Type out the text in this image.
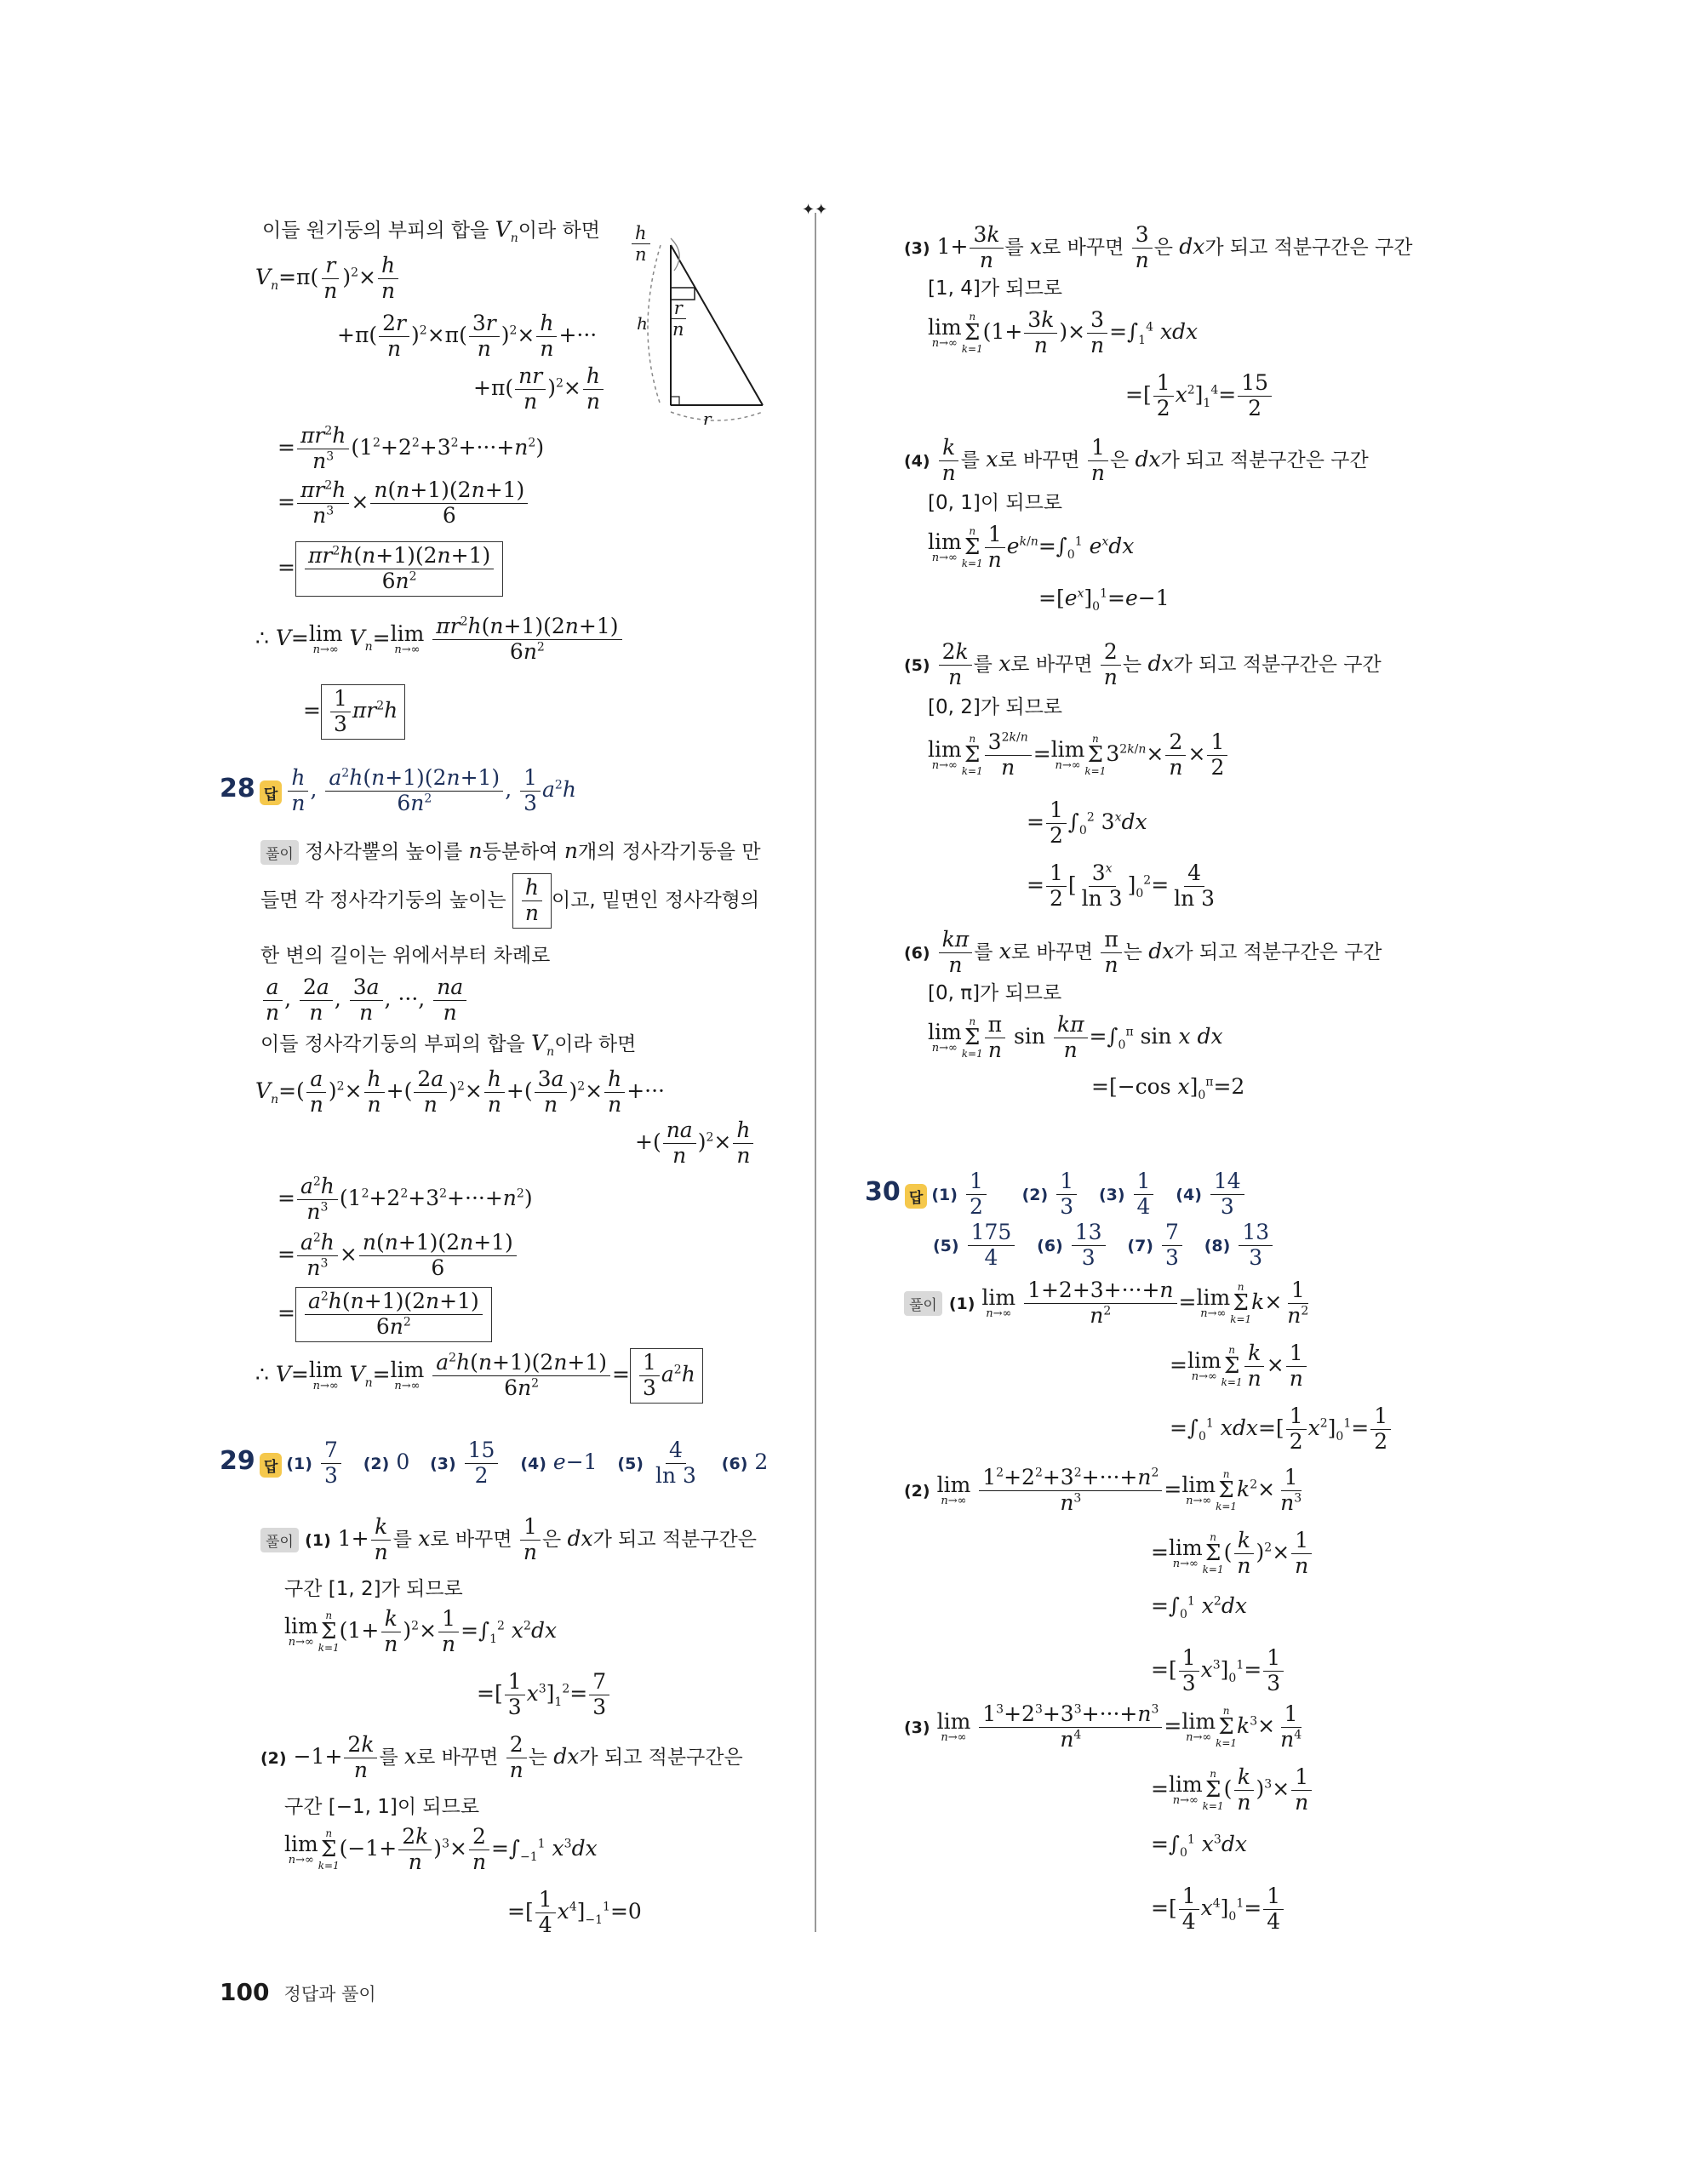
이들 원기둥의 부피의 합을 $V_n$이라 하면
$V_n=\pi( \frac{r}{n} )^2\times \frac{h}{n}$
$+\pi( \frac{2r}{n} )^2\times\pi( \frac{3r}{n} )^2\times \frac{h}{n}$ +···
$+\pi( \frac{nr}{n} )^2\times \frac{h}{n}$
= $\frac{\pi r^2h}{n^3} (1^2+2^2+3^2+\cdot\cdot\cdot+n^2)$
= $\frac{\pi r^2h}{n^3} \times \frac{n(n+1)(2n+1)}{6}$
= $\frac{\pi r^2h(n+1)(2n+1)}{6n^2}$
∴ V= lim
n→∞ $V_n= \lim$
n→∞
$\frac{\pi r^2h(n+1)(2n+1)}{6n^2}$
= $\frac{1}{3} \pi r^2h$
$\frac{h}{n}$
h $\frac{r}{n}$
r
28 답 $\frac{h}{n}$ , $\frac{a^2h(n+1)(2n+1)}{6n^2}$ , $\frac{1}{3} a^2h$
풀이 정사각뿔의 높이를 n등분하여 n개의 정사각기둥을 만
들면 각 정사각기둥의 높이는 $\frac{h}{n}$ 이고, 밑면인 정사각형의
한 변의 길이는 위에서부터 차례로
$\frac{a}{n}$ , $\frac{2a}{n}$ , $\frac{3a}{n}$ , ···, $\frac{na}{n}$
이들 정사각기둥의 부피의 합을 $V_n$이라 하면
$V_n=( \frac{a}{n} )^2\times \frac{h}{n}$ +( $\frac{2a}{n} )^2\times \frac{h}{n}$ +( $\frac{3a}{n} )^2\times \frac{h}{n}$ +···
+( $\frac{na}{n} )^2\times \frac{h}{n}$
= $\frac{a^2h}{n^3} (1^2+2^2+3^2+\cdot\cdot\cdot+n^2)$
= $\frac{a^2h}{n^3} \times \frac{n(n+1)(2n+1)}{6}$
= $\frac{a^2h(n+1)(2n+1)}{6n^2}$
∴ V= lim
n→∞ $V_n= \lim$
n→∞
$\frac{a^2h(n+1)(2n+1)}{6n^2} = \frac{1}{3} a^2h$
29 답 $(1) \frac{7}{3} (2)$ 0   $(3) \frac{15}{2} (4)$ e−1   $(5) \frac{4}{\ln 3} (6)$ 2
풀이 (1) $1+ \frac{k}{n}$ 를 x로 바꾸면 $\frac{1}{n}$ 은 dx가 되고 적분구간은
구간 [1, 2]가 되므로
lim
n→∞
n
Σ
k=1
$(1+ \frac{k}{n} )^2\times \frac{1}{n} =\int_1^2$ $x^2dx$
=[ $\frac{1}{3} x^3]_1^2= \frac{7}{3}$
$(2) -1+ \frac{2k}{n}$ 를 x로 바꾸면 $\frac{2}{n}$ 는 dx가 되고 적분구간은
구간 [−1, 1]이 되므로
lim
n→∞
n
Σ
k=1
$(-1+ \frac{2k}{n} )^3\times \frac{2}{n} =\int_{-1}^1$ $x^3dx$
=[ $\frac{1}{4} x^4]_{-1}^1=0$
✦✦
(3) $1+ \frac{3k}{n}$ 를 x로 바꾸면 $\frac{3}{n}$ 은 dx가 되고 적분구간은 구간
[1, 4]가 되므로
lim
n→∞
n
Σ
k=1
($1+ \frac{3k}{n}$ )× $\frac{3}{n} =\int_1^4$ xdx
=[ $\frac{1}{2} x^2]_1^4= \frac{15}{2}$
$(4) \frac{k}{n}$ 를 x로 바꾸면 $\frac{1}{n}$ 은 dx가 되고 적분구간은 구간
[0, 1]이 되므로
lim
n→∞
n
Σ
$k=1 \frac{1}{n} e^{k/n}=\int_0^1$ $e^xdx$
$=[e^x]_0^1=e-1$
$(5) \frac{2k}{n}$ 를 x로 바꾸면 $\frac{2}{n}$ 는 dx가 되고 적분구간은 구간
[0, 2]가 되므로
lim
n→∞
n
Σ
$k=1 \frac{3^{2k/n}}{n} = \lim$
n→∞
n
Σ
k=1
$3^{2k/n}\times \frac{2}{n} \times \frac{1}{2}$
= $\frac{1}{2} \int_0^2$ $3^xdx$
= $\frac{1}{2}$ [ $\frac{3^x}{\ln 3} ]_0^2= \frac{4}{\ln 3}$
$(6) \frac{k\pi}{n}$ 를 x로 바꾸면 $\frac{\pi}{n}$ 는 dx가 되고 적분구간은 구간
[0, π]가 되므로
lim
n→∞
n
Σ
$k=1 \frac{\pi}{n}$ $\sin \frac{k\pi}{n} =\int_0^\pi$ sin x dx
=[−cos $x]_0^\pi=2$
30 답 $(1) \frac{1}{2} (2) \frac{1}{3} (3) \frac{1}{4} (4) \frac{14}{3}$
$(5) \frac{175}{4} (6) \frac{13}{3} (7) \frac{7}{3} (8) \frac{13}{3}$
풀이 (1) lim
n→∞
$\frac{1+2+3+\cdot\cdot\cdot+n}{n^2} = \lim$
n→∞
n
Σ
k=1
$k\times \frac{1}{n^2}$
= lim
n→∞
n
Σ
$k=1 \frac{k}{n} \times \frac{1}{n}$
$=\int_0^1$ $xdx=[ \frac{1}{2} x^2]_0^1= \frac{1}{2}$
(2) lim
n→∞
$\frac{1^2+2^2+3^2+\cdot\cdot\cdot+n^2}{n^3} = \lim$
n→∞
n
Σ
k=1
$k^2\times \frac{1}{n^3}$
= lim
n→∞
n
Σ
k=1
( $\frac{k}{n} )^2\times \frac{1}{n}$
$=\int_0^1$ $x^2dx$
=[ $\frac{1}{3} x^3]_0^1= \frac{1}{3}$
(3) lim
n→∞
$\frac{1^3+2^3+3^3+\cdot\cdot\cdot+n^3}{n^4} = \lim$
n→∞
n
Σ
k=1
$k^3\times \frac{1}{n^4}$
= lim
n→∞
n
Σ
k=1
( $\frac{k}{n} )^3\times \frac{1}{n}$
$=\int_0^1$ $x^3dx$
=[ $\frac{1}{4} x^4]_0^1= \frac{1}{4}$
100 정답과 풀이
